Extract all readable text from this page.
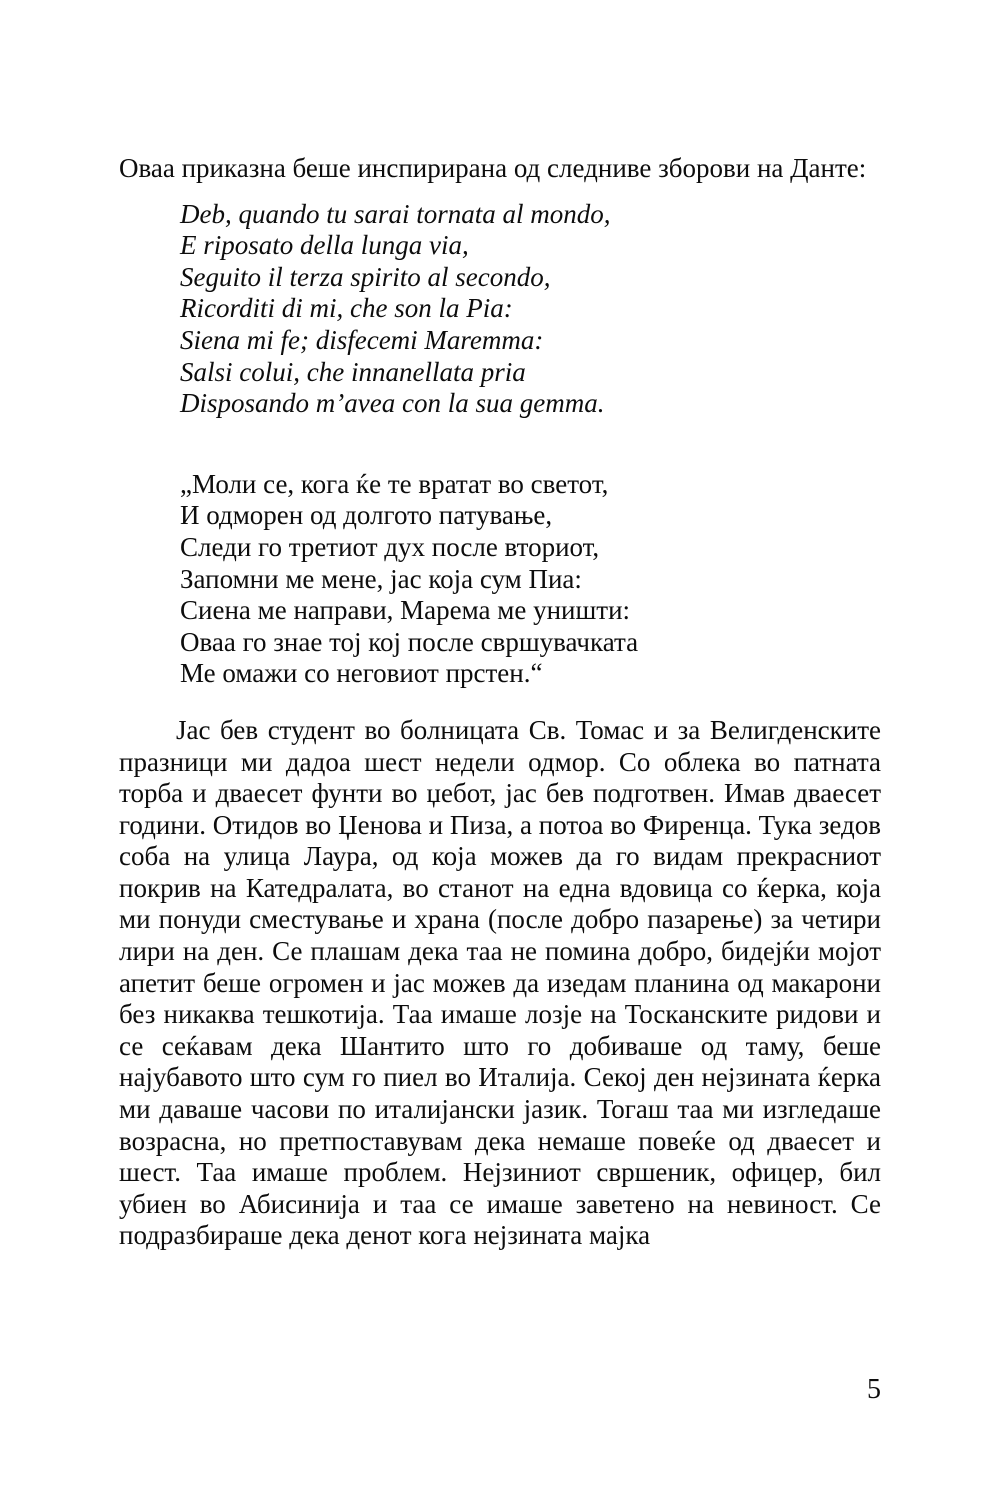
Оваа приказна беше инспирирана од следниве зборови на Данте:

Deb, quando tu sarai tornata al mondo,
E riposato della lunga via,
Seguito il terza spirito al secondo,
Ricorditi di mi, che son la Pia:
Siena mi fe; disfecemi Maremma:
Salsi colui, che innanellata pria
Disposando m’avea con la sua gemma.
„Моли се, кога ќе те вратат во светот,
И одморен од долгото патување,
Следи го третиот дух после вториот,
Запомни ме мене, јас која сум Пиа:
Сиена ме направи, Марема ме уништи:
Оваа го знае тој кој после свршувачката
Ме омажи со неговиот прстен.“

Јас бев студент во болницата Св. Томас и за Велигденските празници ми дадоа шест недели одмор. Со облека во патната торба и дваесет фунти во џебот, јас бев подготвен. Имав дваесет години. Отидов во Џенова и Пиза, а потоа во Фиренца. Тука зедов соба на улица Лаура, од која можев да го видам прекрасниот покрив на Катедралата, во станот на една вдовица со ќерка, која ми понуди сместување и храна (после добро пазарење) за четири лири на ден. Се плашам дека таа не помина добро, бидејќи мојот апетит беше огромен и јас можев да изедам планина од макарони без никаква тешкотија. Таа имаше лозје на Тосканските ридови и се сеќавам дека Шантито што го добиваше од таму, беше најубавото што сум го пиел во Италија. Секој ден нејзината ќерка ми даваше часови по италијански јазик. Тогаш таа ми изгледаше возрасна, но претпоставувам дека немаше повеќе од дваесет и шест. Таа имаше проблем. Нејзиниот свршеник, офицер, бил убиен во Абисинија и таа се имаше заветено на невиност. Се подразбираше дека денот кога нејзината мајка

5
